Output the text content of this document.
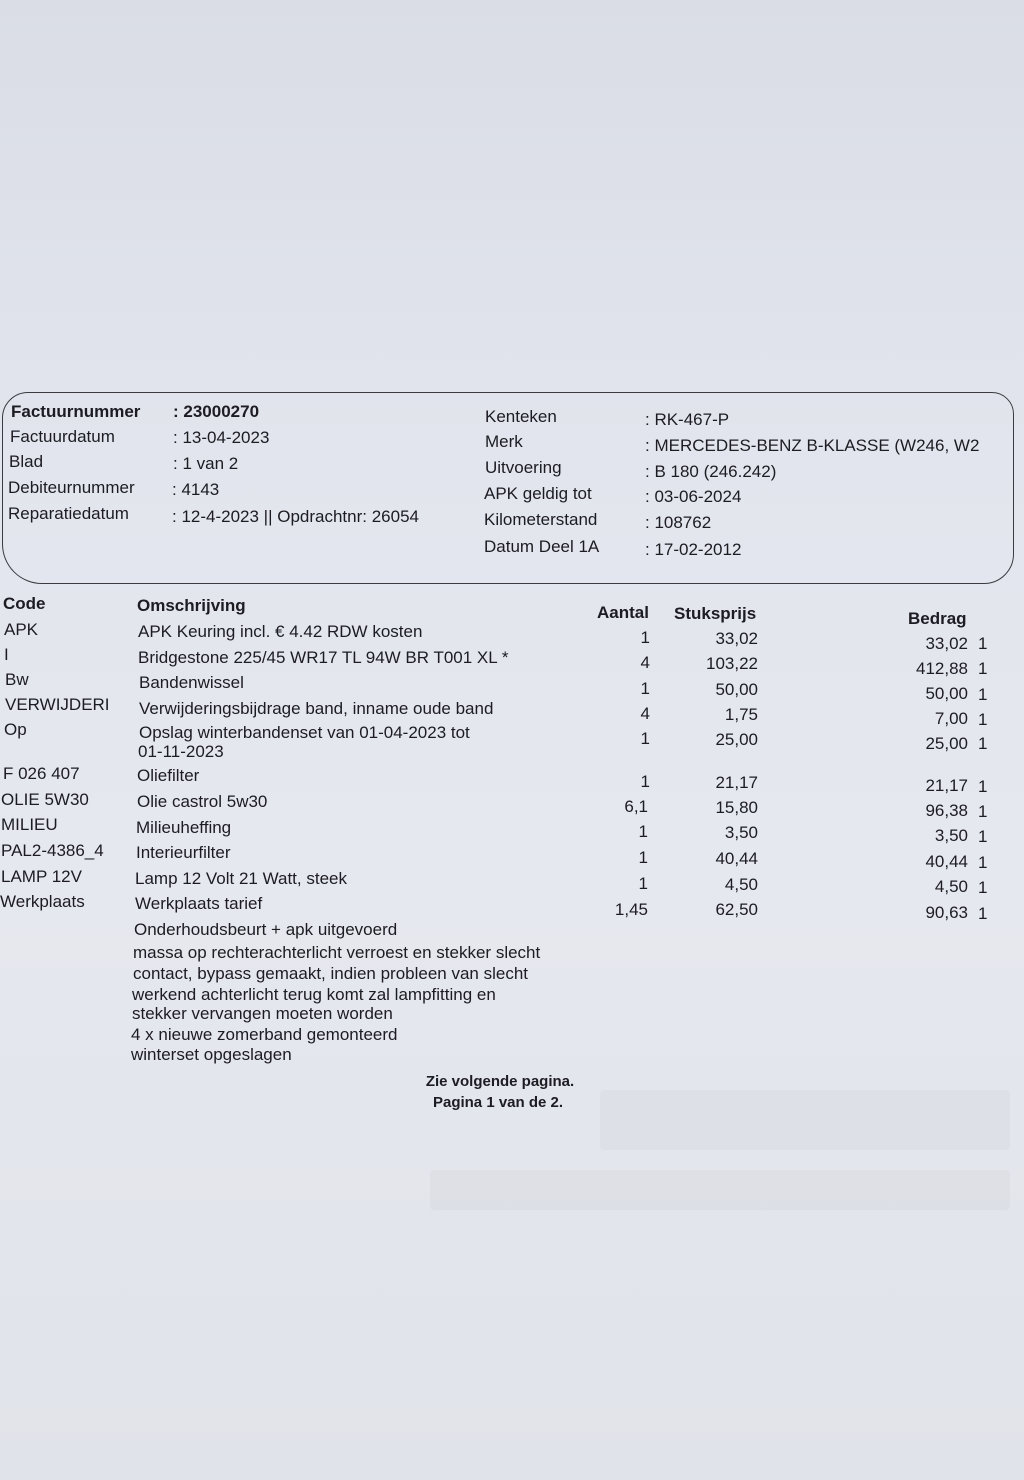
Factuurnummer : 23000270
Factuurdatum	: 13-04-2023
Blad	: 1 van 2
Debiteurnummer : 4143
Reparatiedatum	: 12-4-2023 || Opdrachtnr: 26054
Kenteken	: RK-467-P
Merk	: MERCEDES-BENZ B-KLASSE (W246, W2
Uitvoering	: B 180 (246.242)
APK geldig tot	: 03-06-2024
Kilometerstand	: 108762
Datum Deel 1A	: 17-02-2012
Code	Omschrijving	Aantal Stuksprijs	Bedrag
APK	APK Keuring incl. € 4.42 RDW kosten	1	33,02	33,02 1
I	Bridgestone 225/45 WR17 TL 94W BR T001 XL *	4	103,22	412,88 1
Bw	Bandenwissel	1	50,00	50,00 1
VERWIJDERI Verwijderingsbijdrage band, inname oude band	4	1,75	7,00 1
Op	Opslag winterbandenset van 01-04-2023 tot
01-11-2023
1	25,00	25,00 1
F 026 407	Oliefilter	1	21,17	21,17 1
OLIE 5W30	Olie castrol 5w30	6,1	15,80	96,38 1
MILIEU	Milieuheffing	1	3,50	3,50 1
PAL2-4386_4 Interieurfilter	1	40,44	40,44 1
LAMP 12V	Lamp 12 Volt 21 Watt, steek	1	4,50	4,50 1
Werkplaats	Werkplaats tarief	1,45	62,50	90,63 1
Onderhoudsbeurt + apk uitgevoerd
massa op rechterachterlicht verroest en stekker slecht
contact, bypass gemaakt, indien probleen van slecht
werkend achterlicht terug komt zal lampfitting en
stekker vervangen moeten worden
4 x nieuwe zomerband gemonteerd
winterset opgeslagen
Zie volgende pagina.
Pagina 1 van de 2.
